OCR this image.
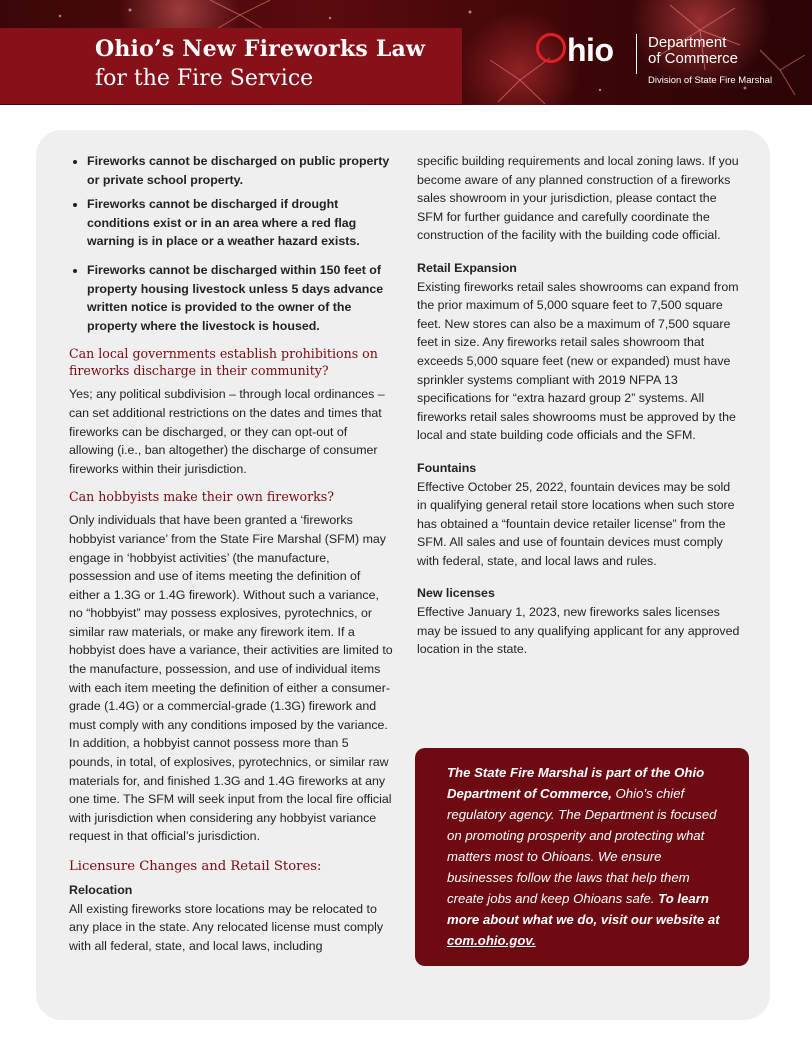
Ohio’s New Fireworks Law
for the Fire Service
hio Department
of Commerce
Division of State Fire Marshal
• Fireworks cannot be discharged on public property or private school property.
• Fireworks cannot be discharged if drought conditions exist or in an area where a red flag warning is in place or a weather hazard exists.
• Fireworks cannot be discharged within 150 feet of property housing livestock unless 5 days advance written notice is provided to the owner of the property where the livestock is housed.
Can local governments establish prohibitions on fireworks discharge in their community?

Yes; any political subdivision – through local ordinances – can set additional restrictions on the dates and times that fireworks can be discharged, or they can opt-out of allowing (i.e., ban altogether) the discharge of consumer fireworks within their jurisdiction.

Can hobbyists make their own fireworks?

Only individuals that have been granted a ‘fireworks hobbyist variance’ from the State Fire Marshal (SFM) may engage in ‘hobbyist activities’ (the manufacture, possession and use of items meeting the definition of either a 1.3G or 1.4G firework). Without such a variance, no “hobbyist” may possess explosives, pyrotechnics, or similar raw materials, or make any firework item. If a hobbyist does have a variance, their activities are limited to the manufacture, possession, and use of individual items with each item meeting the definition of either a consumer-grade (1.4G) or a commercial-grade (1.3G) firework and must comply with any conditions imposed by the variance. In addition, a hobbyist cannot possess more than 5 pounds, in total, of explosives, pyrotechnics, or similar raw materials for, and finished 1.3G and 1.4G fireworks at any one time. The SFM will seek input from the local fire official with jurisdiction when considering any hobbyist variance request in that official’s jurisdiction.

Licensure Changes and Retail Stores:
Relocation

All existing fireworks store locations may be relocated to any place in the state. Any relocated license must comply with all federal, state, and local laws, including

specific building requirements and local zoning laws. If you become aware of any planned construction of a fireworks sales showroom in your jurisdiction, please contact the SFM for further guidance and carefully coordinate the construction of the facility with the building code official.

Retail Expansion

Existing fireworks retail sales showrooms can expand from the prior maximum of 5,000 square feet to 7,500 square feet. New stores can also be a maximum of 7,500 square feet in size. Any fireworks retail sales showroom that exceeds 5,000 square feet (new or expanded) must have sprinkler systems compliant with 2019 NFPA 13 specifications for “extra hazard group 2” systems. All fireworks retail sales showrooms must be approved by the local and state building code officials and the SFM.

Fountains

Effective October 25, 2022, fountain devices may be sold in qualifying general retail store locations when such store has obtained a “fountain device retailer license” from the SFM. All sales and use of fountain devices must comply with federal, state, and local laws and rules.

New licenses

Effective January 1, 2023, new fireworks sales licenses may be issued to any qualifying applicant for any approved location in the state.

The State Fire Marshal is part of the Ohio Department of Commerce, Ohio’s chief regulatory agency. The Department is focused on promoting prosperity and protecting what matters most to Ohioans. We ensure businesses follow the laws that help them create jobs and keep Ohioans safe. To learn more about what we do, visit our website at com.ohio.gov.
